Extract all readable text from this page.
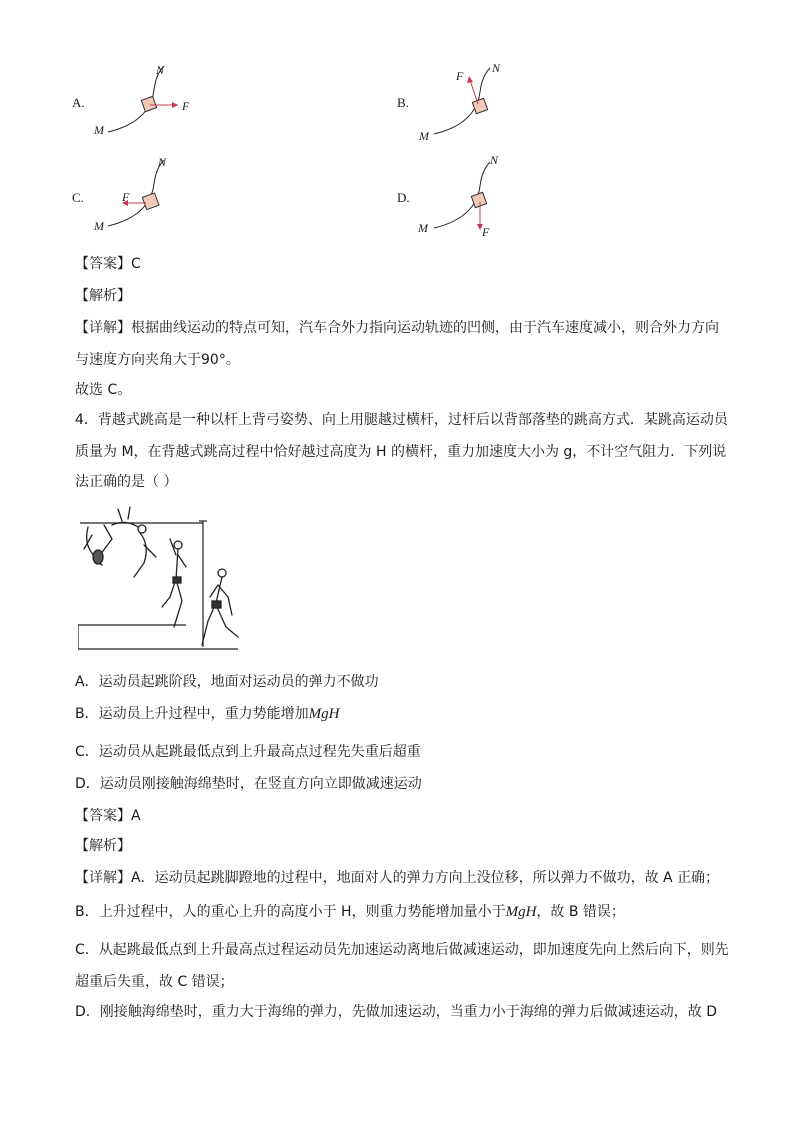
A.	F
M
N
B.
F
M
N
C.	F
M
N
D.
F
M
N
【答案】C
【解析】
【详解】根据曲线运动的特点可知，汽车合外力指向运动轨迹的凹侧，由于汽车速度减小，则合外力方向
与速度方向夹角大于90°。
故选 C。
4．背越式跳高是一种以杆上背弓姿势、向上用腿越过横杆，过杆后以背部落垫的跳高方式．某跳高运动员
质量为 M，在背越式跳高过程中恰好越过高度为 H 的横杆，重力加速度大小为 g，不计空气阻力．下列说
法正确的是（ ）
A．运动员起跳阶段，地面对运动员的弹力不做功
B．运动员上升过程中，重力势能增加MgH
C．运动员从起跳最低点到上升最高点过程先失重后超重
D．运动员刚接触海绵垫时，在竖直方向立即做减速运动
【答案】A
【解析】
【详解】A．运动员起跳脚蹬地的过程中，地面对人的弹力方向上没位移，所以弹力不做功，故 A 正确；
B．上升过程中，人的重心上升的高度小于 H，则重力势能增加量小于MgH，故 B 错误；
C．从起跳最低点到上升最高点过程运动员先加速运动离地后做减速运动，即加速度先向上然后向下，则先
超重后失重，故 C 错误；
D．刚接触海绵垫时，重力大于海绵的弹力，先做加速运动，当重力小于海绵的弹力后做减速运动，故 D
